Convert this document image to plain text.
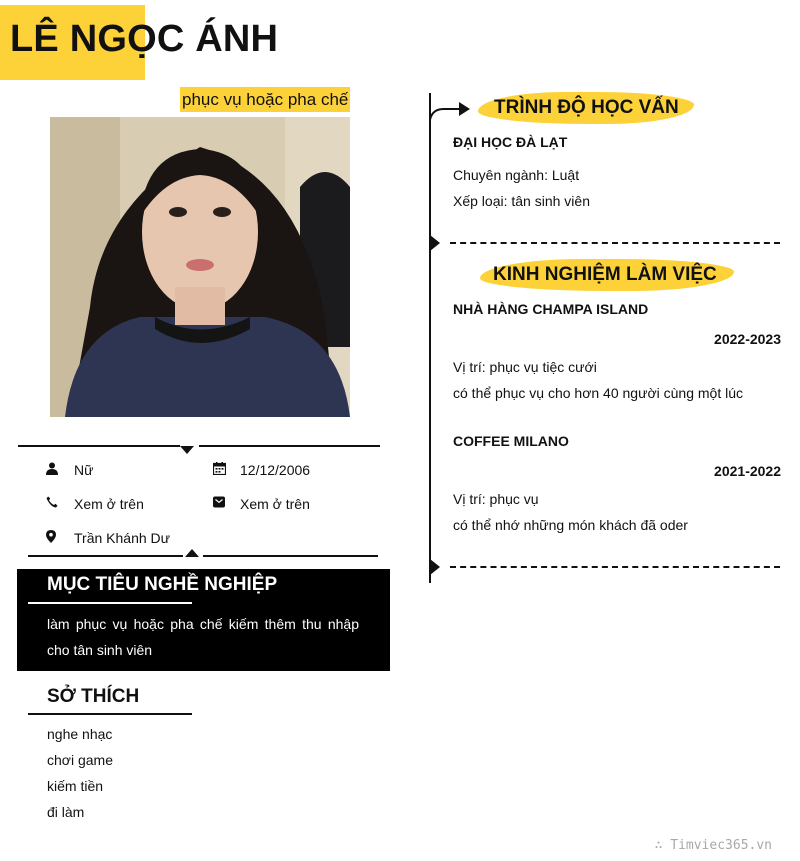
LÊ NGỌC ÁNH
phục vụ hoặc pha chế
Nữ	12/12/2006
Xem ở trên	Xem ở trên
Trần Khánh Dư
MỤC TIÊU NGHỀ NGHIỆP
làm phục vụ hoặc pha chế kiếm thêm thu nhập cho tân sinh viên
SỞ THÍCH
nghe nhạc
chơi game
kiếm tiền
đi làm
TRÌNH ĐỘ HỌC VẤN
ĐẠI HỌC ĐÀ LẠT
Chuyên ngành: Luật
Xếp loại: tân sinh viên
KINH NGHIỆM LÀM VIỆC
NHÀ HÀNG CHAMPA ISLAND
2022-2023
Vị trí: phục vụ tiệc cưới
có thể phục vụ cho hơn 40 người cùng một lúc
COFFEE MILANO
2021-2022
Vị trí: phục vụ
có thể nhớ những món khách đã oder
∴ Timviec365.vn
